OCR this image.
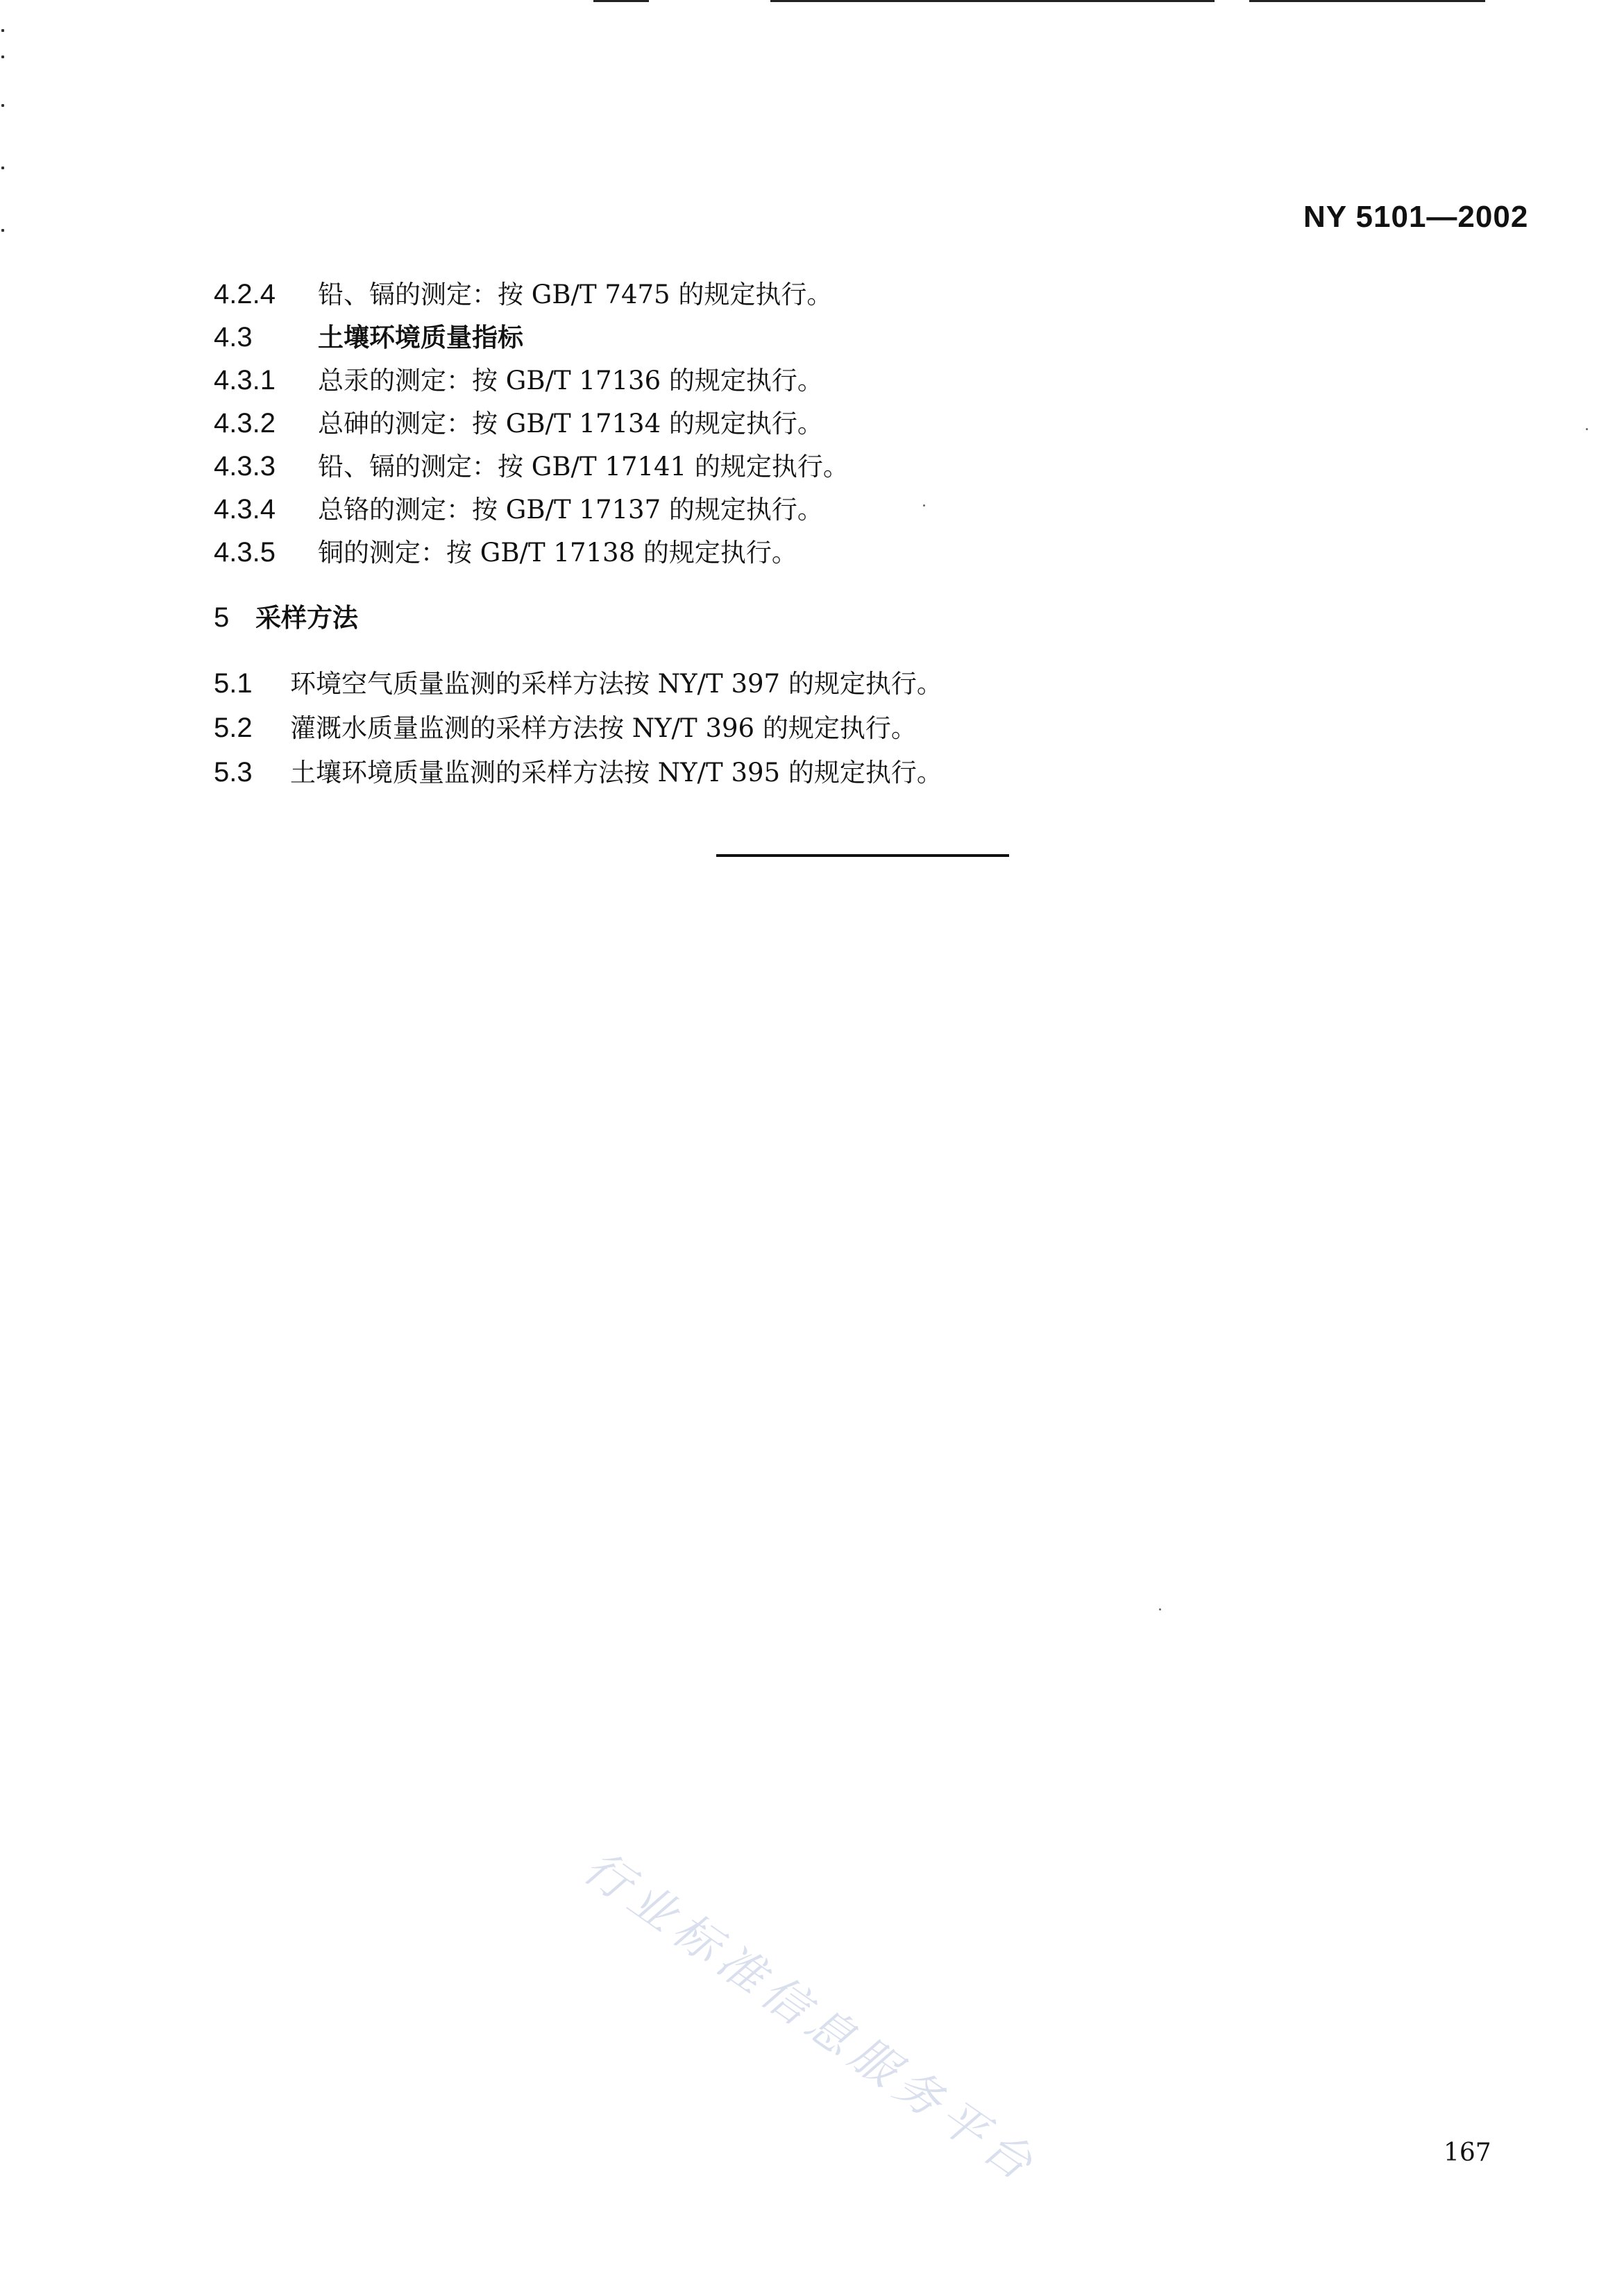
NY 5101—2002
4.2.4 铅、镉的测定：按 GB/T 7475 的规定执行。
4.3	土壤环境质量指标
4.3.1 总汞的测定：按 GB/T 17136 的规定执行。
4.3.2 总砷的测定：按 GB/T 17134 的规定执行。
4.3.3 铅、镉的测定：按 GB/T 17141 的规定执行。
4.3.4 总铬的测定：按 GB/T 17137 的规定执行。
4.3.5 铜的测定：按 GB/T 17138 的规定执行。
5 采样方法
5.1 环境空气质量监测的采样方法按 NY/T 397 的规定执行。
5.2 灌溉水质量监测的采样方法按 NY/T 396 的规定执行。
5.3 土壤环境质量监测的采样方法按 NY/T 395 的规定执行。
行业标准信息服务平台	167
